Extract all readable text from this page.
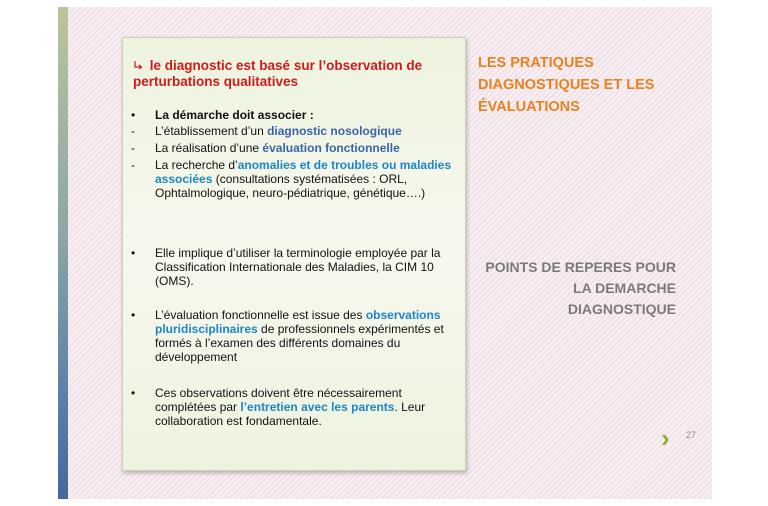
le diagnostic est basé sur l’observation de perturbations qualitatives
• La démarche doit associer :
- L’établissement d’un diagnostic nosologique
- La réalisation d’une évaluation fonctionnelle
- La recherche d’anomalies et de troubles ou maladies associées (consultations systématisées : ORL, Ophtalmologique, neuro-pédiatrique, génétique….)
• Elle implique d’utiliser la terminologie employée par la Classification Internationale des Maladies, la CIM 10 (OMS).
• L’évaluation fonctionnelle est issue des observations pluridisciplinaires de professionnels expérimentés et formés à l’examen des différents domaines du développement
• Ces observations doivent être nécessairement complétées par l’entretien avec les parents. Leur collaboration est fondamentale.
LES PRATIQUES DIAGNOSTIQUES ET LES ÉVALUATIONS
POINTS DE REPERES POUR LA DEMARCHE DIAGNOSTIQUE
› 27
